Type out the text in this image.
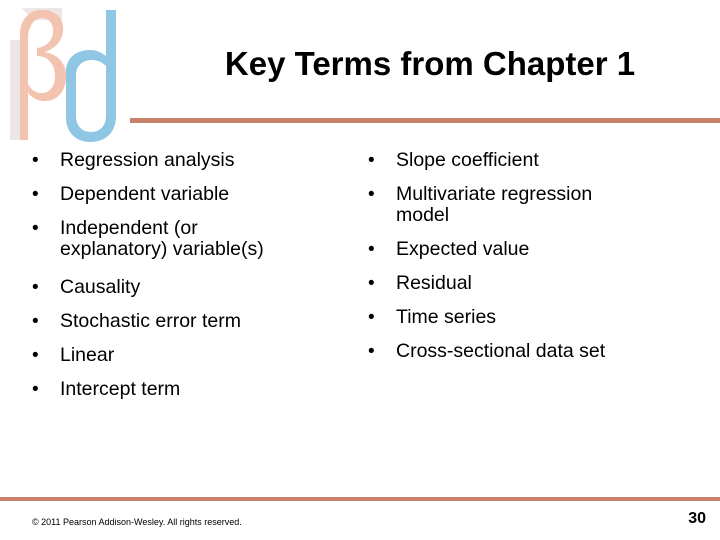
Key Terms from Chapter 1
• Regression analysis
• Dependent variable
• Independent (or explanatory) variable(s)
• Causality
• Stochastic error term
• Linear
• Intercept term
• Slope coefficient
• Multivariate regression model
• Expected value
• Residual
• Time series
• Cross-sectional data set
© 2011 Pearson Addison-Wesley. All rights reserved.	30
